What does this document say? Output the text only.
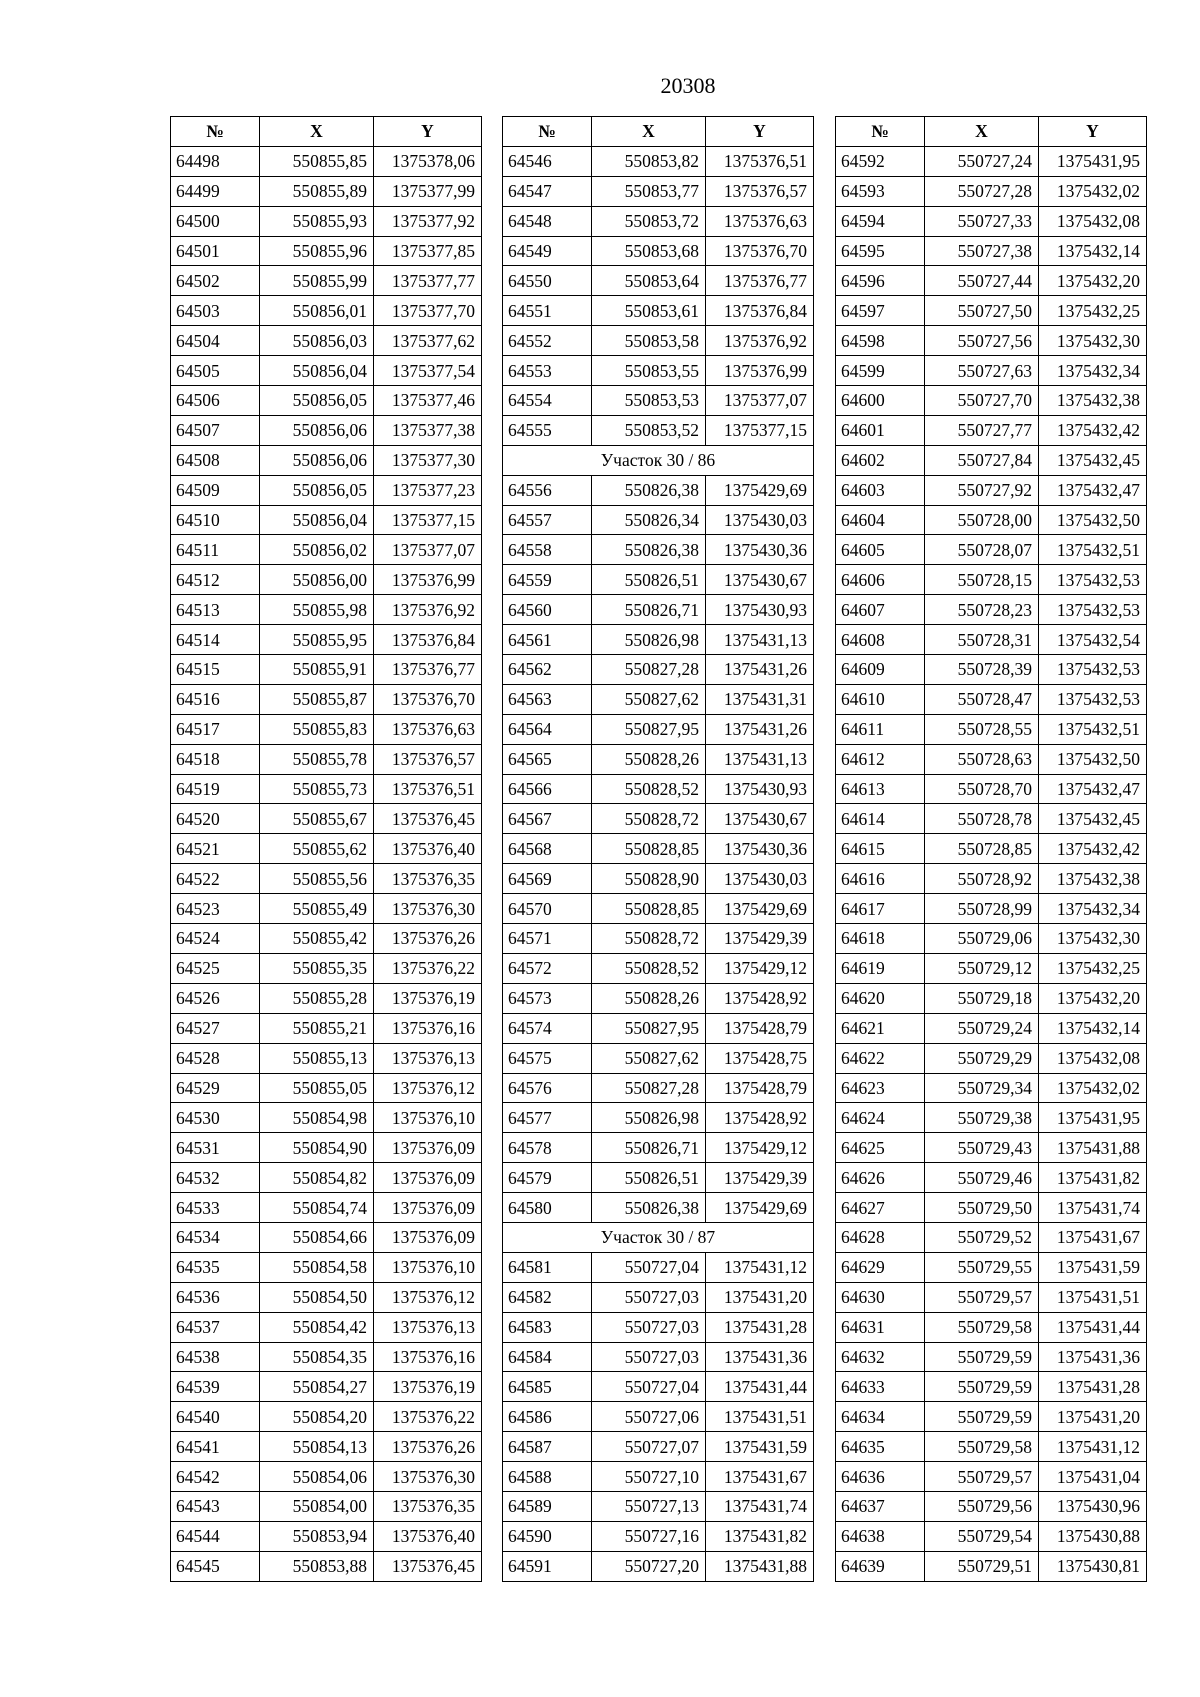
20308
№	X	Y
64498	550855,85	1375378,06
64499	550855,89	1375377,99
64500	550855,93	1375377,92
64501	550855,96	1375377,85
64502	550855,99	1375377,77
64503	550856,01	1375377,70
64504	550856,03	1375377,62
64505	550856,04	1375377,54
64506	550856,05	1375377,46
64507	550856,06	1375377,38
64508	550856,06	1375377,30
64509	550856,05	1375377,23
64510	550856,04	1375377,15
64511	550856,02	1375377,07
64512	550856,00	1375376,99
64513	550855,98	1375376,92
64514	550855,95	1375376,84
64515	550855,91	1375376,77
64516	550855,87	1375376,70
64517	550855,83	1375376,63
64518	550855,78	1375376,57
64519	550855,73	1375376,51
64520	550855,67	1375376,45
64521	550855,62	1375376,40
64522	550855,56	1375376,35
64523	550855,49	1375376,30
64524	550855,42	1375376,26
64525	550855,35	1375376,22
64526	550855,28	1375376,19
64527	550855,21	1375376,16
64528	550855,13	1375376,13
64529	550855,05	1375376,12
64530	550854,98	1375376,10
64531	550854,90	1375376,09
64532	550854,82	1375376,09
64533	550854,74	1375376,09
64534	550854,66	1375376,09
64535	550854,58	1375376,10
64536	550854,50	1375376,12
64537	550854,42	1375376,13
64538	550854,35	1375376,16
64539	550854,27	1375376,19
64540	550854,20	1375376,22
64541	550854,13	1375376,26
64542	550854,06	1375376,30
64543	550854,00	1375376,35
64544	550853,94	1375376,40
64545	550853,88	1375376,45
№	X	Y
64546	550853,82	1375376,51
64547	550853,77	1375376,57
64548	550853,72	1375376,63
64549	550853,68	1375376,70
64550	550853,64	1375376,77
64551	550853,61	1375376,84
64552	550853,58	1375376,92
64553	550853,55	1375376,99
64554	550853,53	1375377,07
64555	550853,52	1375377,15
Участок 30 / 86		
64556	550826,38	1375429,69
64557	550826,34	1375430,03
64558	550826,38	1375430,36
64559	550826,51	1375430,67
64560	550826,71	1375430,93
64561	550826,98	1375431,13
64562	550827,28	1375431,26
64563	550827,62	1375431,31
64564	550827,95	1375431,26
64565	550828,26	1375431,13
64566	550828,52	1375430,93
64567	550828,72	1375430,67
64568	550828,85	1375430,36
64569	550828,90	1375430,03
64570	550828,85	1375429,69
64571	550828,72	1375429,39
64572	550828,52	1375429,12
64573	550828,26	1375428,92
64574	550827,95	1375428,79
64575	550827,62	1375428,75
64576	550827,28	1375428,79
64577	550826,98	1375428,92
64578	550826,71	1375429,12
64579	550826,51	1375429,39
64580	550826,38	1375429,69
Участок 30 / 87		
64581	550727,04	1375431,12
64582	550727,03	1375431,20
64583	550727,03	1375431,28
64584	550727,03	1375431,36
64585	550727,04	1375431,44
64586	550727,06	1375431,51
64587	550727,07	1375431,59
64588	550727,10	1375431,67
64589	550727,13	1375431,74
64590	550727,16	1375431,82
64591	550727,20	1375431,88
№	X	Y
64592	550727,24	1375431,95
64593	550727,28	1375432,02
64594	550727,33	1375432,08
64595	550727,38	1375432,14
64596	550727,44	1375432,20
64597	550727,50	1375432,25
64598	550727,56	1375432,30
64599	550727,63	1375432,34
64600	550727,70	1375432,38
64601	550727,77	1375432,42
64602	550727,84	1375432,45
64603	550727,92	1375432,47
64604	550728,00	1375432,50
64605	550728,07	1375432,51
64606	550728,15	1375432,53
64607	550728,23	1375432,53
64608	550728,31	1375432,54
64609	550728,39	1375432,53
64610	550728,47	1375432,53
64611	550728,55	1375432,51
64612	550728,63	1375432,50
64613	550728,70	1375432,47
64614	550728,78	1375432,45
64615	550728,85	1375432,42
64616	550728,92	1375432,38
64617	550728,99	1375432,34
64618	550729,06	1375432,30
64619	550729,12	1375432,25
64620	550729,18	1375432,20
64621	550729,24	1375432,14
64622	550729,29	1375432,08
64623	550729,34	1375432,02
64624	550729,38	1375431,95
64625	550729,43	1375431,88
64626	550729,46	1375431,82
64627	550729,50	1375431,74
64628	550729,52	1375431,67
64629	550729,55	1375431,59
64630	550729,57	1375431,51
64631	550729,58	1375431,44
64632	550729,59	1375431,36
64633	550729,59	1375431,28
64634	550729,59	1375431,20
64635	550729,58	1375431,12
64636	550729,57	1375431,04
64637	550729,56	1375430,96
64638	550729,54	1375430,88
64639	550729,51	1375430,81
